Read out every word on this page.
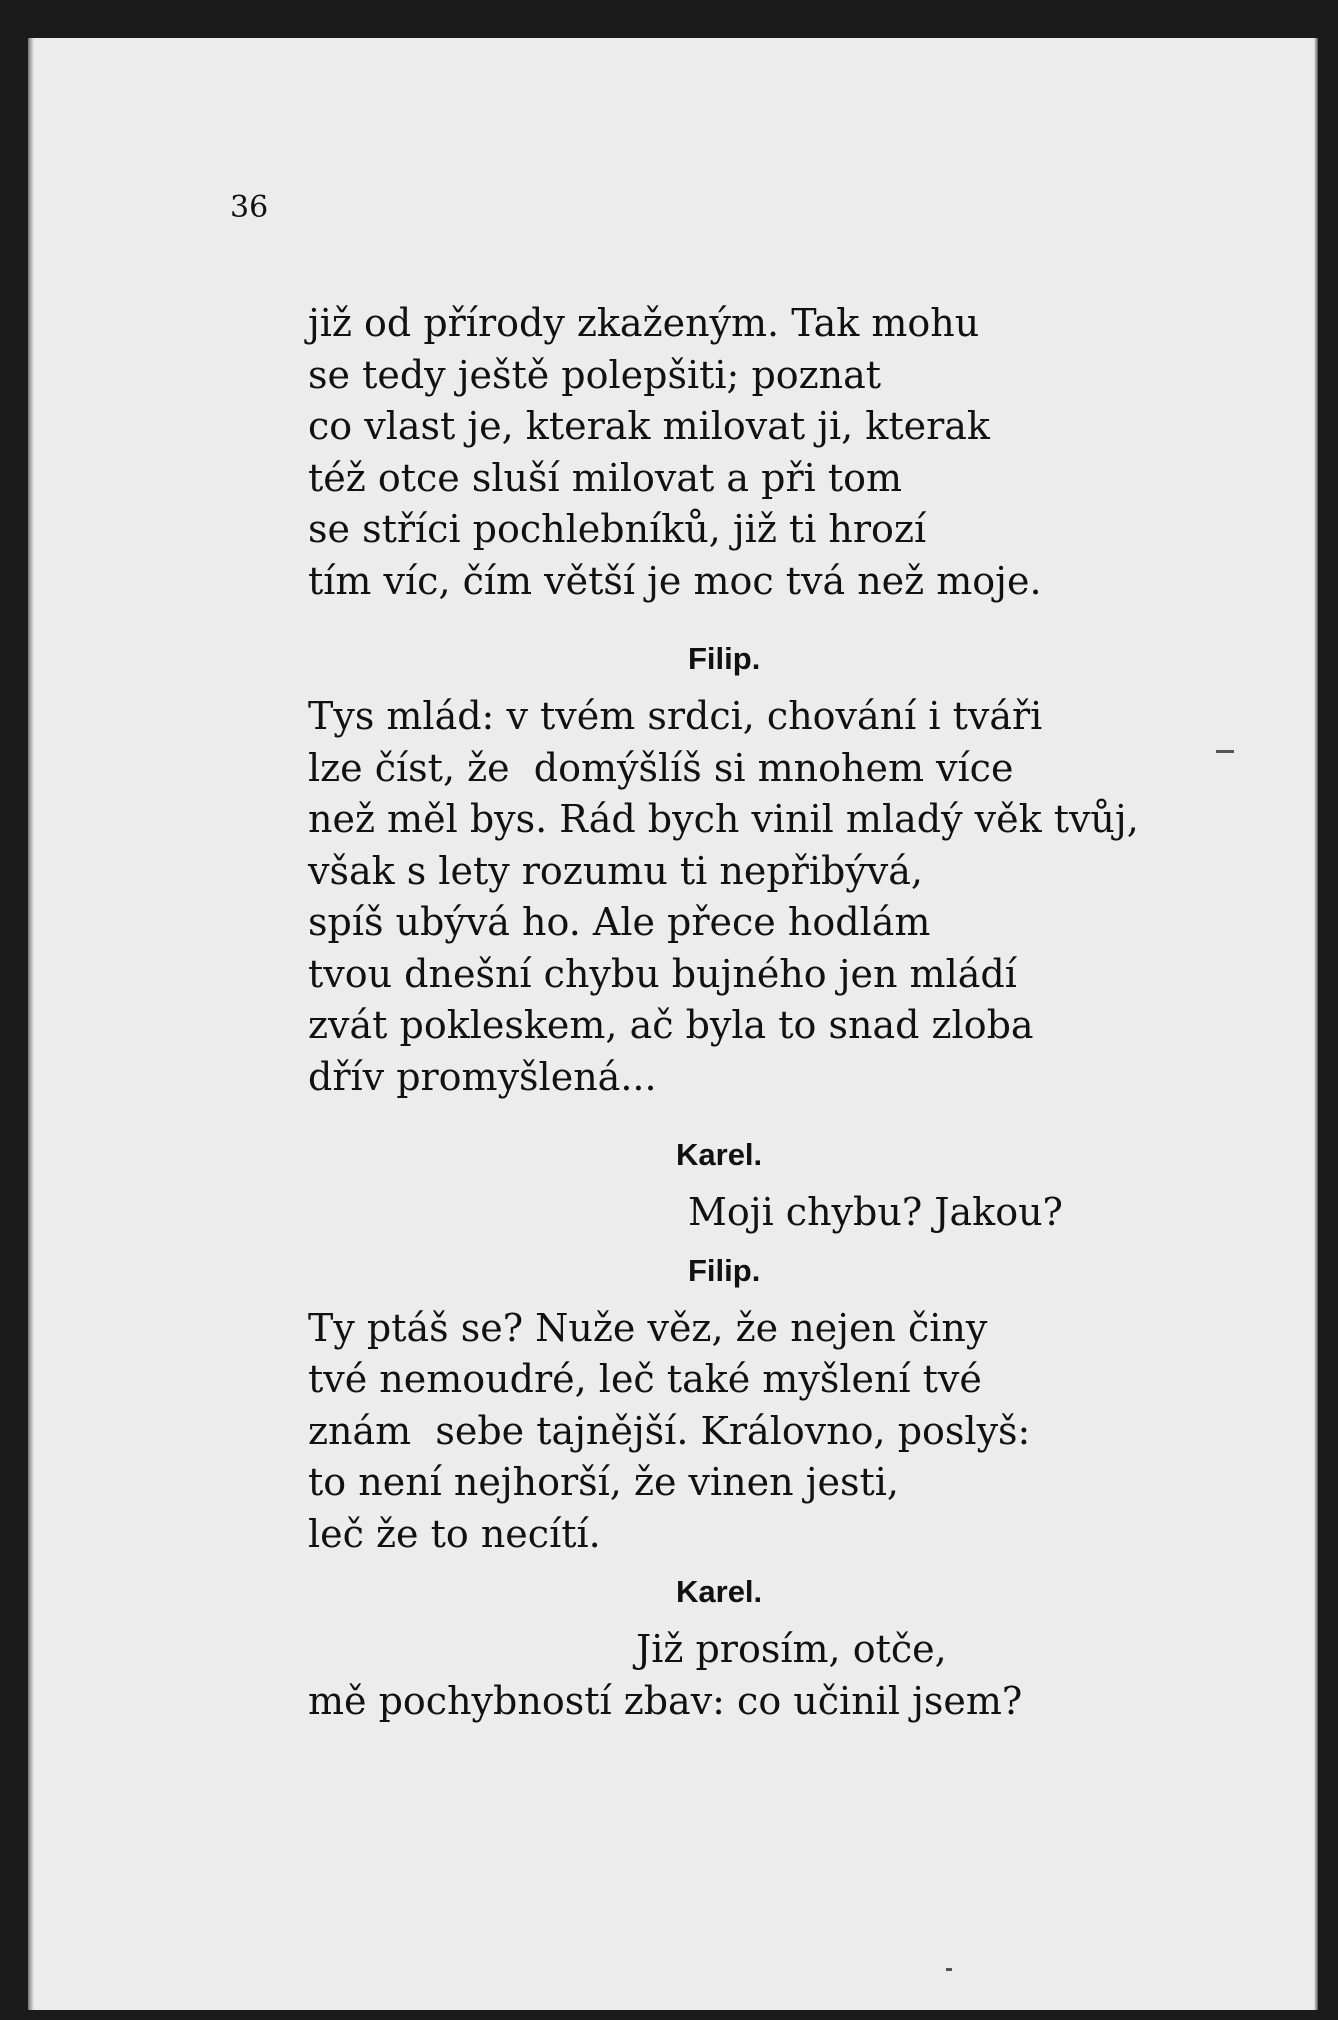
36
již od přírody zkaženým. Tak mohu
se tedy ještě polepšiti; poznat
co vlast je, kterak milovat ji, kterak
též otce sluší milovat a při tom
se stříci pochlebníků, již ti hrozí
tím víc, čím větší je moc tvá než moje.
Filip.
Tys mlád: v tvém srdci, chování i tváři
lze číst, že  domýšlíš si mnohem více
než měl bys. Rád bych vinil mladý věk tvůj,
však s lety rozumu ti nepřibývá,
spíš ubývá ho. Ale přece hodlám
tvou dnešní chybu bujného jen mládí
zvát pokleskem, ač byla to snad zloba
dřív promyšlená...
Karel.
Moji chybu? Jakou?
Filip.
Ty ptáš se? Nuže věz, že nejen činy
tvé nemoudré, leč také myšlení tvé
znám  sebe tajnější. Královno, poslyš:
to není nejhorší, že vinen jesti,
leč že to necítí.
Karel.
Již prosím, otče,
mě pochybností zbav: co učinil jsem?
